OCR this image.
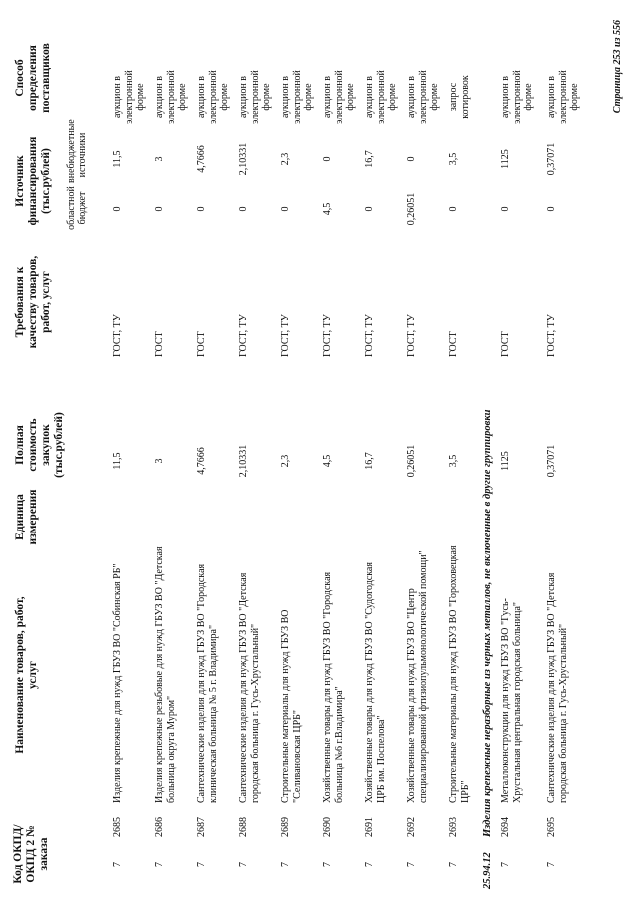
Код ОКПД/ ОКПД 2 № заказа
Наименование товаров, работ, услуг
Единица измерения
Полная стоимость закупок (тыс.рублей)
Требования к качеству товаров, работ, услуг
Источник финансирования (тыс.рублей) областной бюджет
внебюджетные источники
Способ определения поставщиков
7
2685
Изделия крепежные для нужд ГБУЗ ВО "Собинская РБ"
11,5
ГОСТ, ТУ
0
11,5
аукцион в электронной форме
7
2686
Изделия крепежные резьбовые для нужд ГБУЗ ВО "Детская больница округа Муром"
3
ГОСТ
0
3
аукцион в электронной форме
7
2687
Сантехнические изделия для нужд ГБУЗ ВО "Городская клиническая больница № 5 г. Владимира"
4,7666
ГОСТ
0
4,7666
аукцион в электронной форме
7
2688
Сантехнические изделия для нужд ГБУЗ ВО "Детская городская больница г. Гусь-Хрустальный"
2,10331
ГОСТ, ТУ
0
2,10331
аукцион в электронной форме
7
2689
Строительные материалы для нужд ГБУЗ ВО "Селивановская ЦРБ"
2,3
ГОСТ, ТУ
0
2,3
аукцион в электронной форме
7
2690
Хозяйственные товары для нужд ГБУЗ ВО "Городская больница №6 г.Владимира"
4,5
ГОСТ, ТУ
4,5
0
аукцион в электронной форме
7
2691
Хозяйственные товары для нужд ГБУЗ ВО "Судогодская ЦРБ им. Поспелова"
16,7
ГОСТ, ТУ
0
16,7
аукцион в электронной форме
7
2692
Хозяйственные товары для нужд ГБУЗ ВО "Центр специализированной фтизиопульмонологической помощи"
0,26051
ГОСТ, ТУ
0,26051
0
аукцион в электронной форме
7
2693
Строительные материалы для нужд ГБУЗ ВО "Гороховецкая ЦРБ"
3,5
ГОСТ
0
3,5
запрос котировок
25.94.12
Изделия крепежные неразборные из черных металлов, не включенные в другие группировки
7
2694
Металлоконструкции для нужд ГБУЗ ВО "Гусь-Хрустальная центральная городская больница"
1125
ГОСТ
0
1125
аукцион в электронной форме
7
2695
Сантехнические изделия для нужд ГБУЗ ВО "Детская городская больница г. Гусь-Хрустальный"
0,37071
ГОСТ, ТУ
0
0,37071
аукцион в электронной форме	Страница 253 из 556
